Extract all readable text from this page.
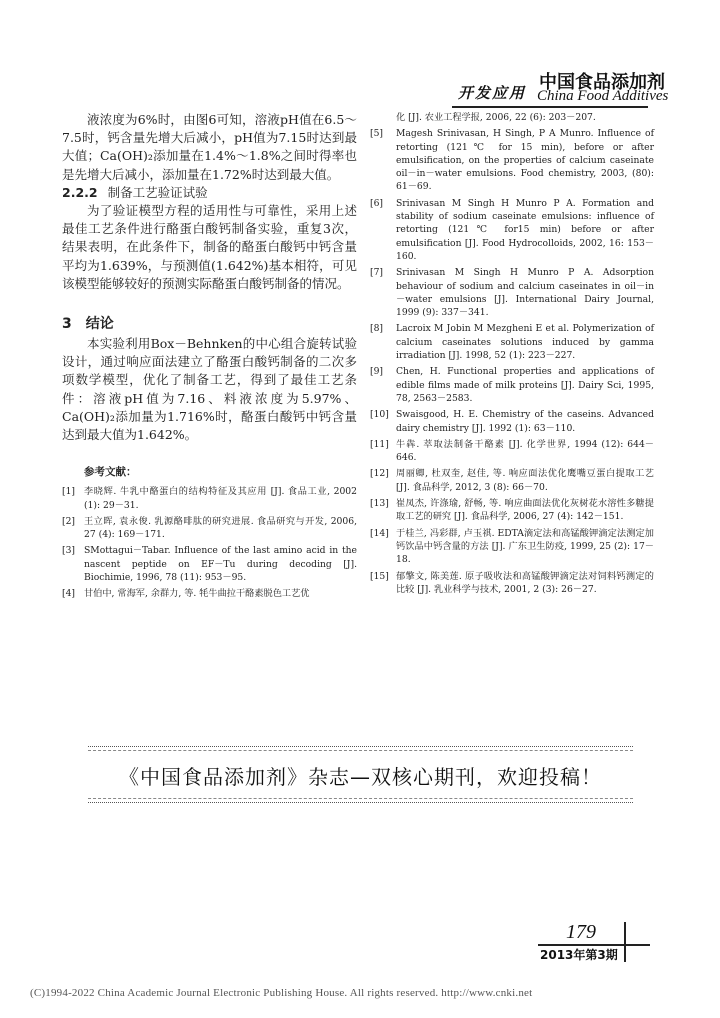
开发应用 中国食品添加剂
China Food Additives

液浓度为6%时，由图6可知，溶液pH值在6.5～7.5时，钙含量先增大后减小，pH值为7.15时达到最大值；Ca(OH)₂添加量在1.4%～1.8%之间时得率也是先增大后减小，添加量在1.72%时达到最大值。

2.2.2 制备工艺验证试验

为了验证模型方程的适用性与可靠性，采用上述最佳工艺条件进行酪蛋白酸钙制备实验，重复3次，结果表明，在此条件下，制备的酪蛋白酸钙中钙含量平均为1.639%，与预测值(1.642%)基本相符，可见该模型能够较好的预测实际酪蛋白酸钙制备的情况。

3 结论

本实验利用Box－Behnken的中心组合旋转试验设计，通过响应面法建立了酪蛋白酸钙制备的二次多项数学模型，优化了制备工艺，得到了最佳工艺条件：溶液pH值为7.16、料液浓度为5.97%、Ca(OH)₂添加量为1.716%时，酪蛋白酸钙中钙含量达到最大值为1.642%。

参考文献：
[1] 李晓辉. 牛乳中酪蛋白的结构特征及其应用 [J]. 食品工业, 2002 (1): 29－31.
[2] 王立晖, 袁永俊. 乳源酪啡肽的研究进展. 食品研究与开发, 2006, 27 (4): 169－171.
[3] SMottagui－Tabar. Influence of the last amino acid in the nascent peptide on EF－Tu during decoding [J]. Biochimie, 1996, 78 (11): 953－95.
[4] 甘伯中, 常海军, 余群力, 等. 牦牛曲拉干酪素脱色工艺优
化 [J]. 农业工程学报, 2006, 22 (6): 203－207.
[5] Magesh Srinivasan, H Singh, P A Munro. Influence of retorting (121℃ for 15 min), before or after emulsification, on the properties of calcium caseinate oil－in－water emulsions. Food chemistry, 2003, (80): 61－69.
[6] Srinivasan M Singh H Munro P A. Formation and stability of sodium caseinate emulsions: influence of retorting (121℃ for15 min) before or after emulsification [J]. Food Hydrocolloids, 2002, 16: 153－160.
[7] Srinivasan M Singh H Munro P A. Adsorption behaviour of sodium and calcium caseinates in oil－in－water emulsions [J]. International Dairy Journal, 1999 (9): 337－341.
[8] Lacroix M Jobin M Mezgheni E et al. Polymerization of calcium caseinates solutions induced by gamma irradiation [J]. 1998, 52 (1): 223－227.
[9] Chen, H. Functional properties and applications of edible films made of milk proteins [J]. Dairy Sci, 1995, 78, 2563－2583.
[10] Swaisgood, H. E. Chemistry of the caseins. Advanced dairy chemistry [J]. 1992 (1): 63－110.
[11] 牛犇. 萃取法制备干酪素 [J]. 化学世界, 1994 (12): 644－646.
[12] 周丽卿, 杜双奎, 赵佳, 等. 响应面法优化鹰嘴豆蛋白提取工艺 [J]. 食品科学, 2012, 3 (8): 66－70.
[13] 崔凤杰, 许涤瑜, 舒畅, 等. 响应曲面法优化灰树花水溶性多糖提取工艺的研究 [J]. 食品科学, 2006, 27 (4): 142－151.
[14] 于桂兰, 冯彩群, 卢玉祺. EDTA滴定法和高锰酸钾滴定法测定加钙饮品中钙含量的方法 [J]. 广东卫生防疫, 1999, 25 (2): 17－18.
[15] 郁擎文, 陈美莲. 原子吸收法和高锰酸钾滴定法对饲料钙测定的比较 [J]. 乳业科学与技术, 2001, 2 (3): 26－27.
《中国食品添加剂》杂志—双核心期刊，欢迎投稿！
179
2013年第3期
(C)1994-2022 China Academic Journal Electronic Publishing House. All rights reserved. http://www.cnki.net
